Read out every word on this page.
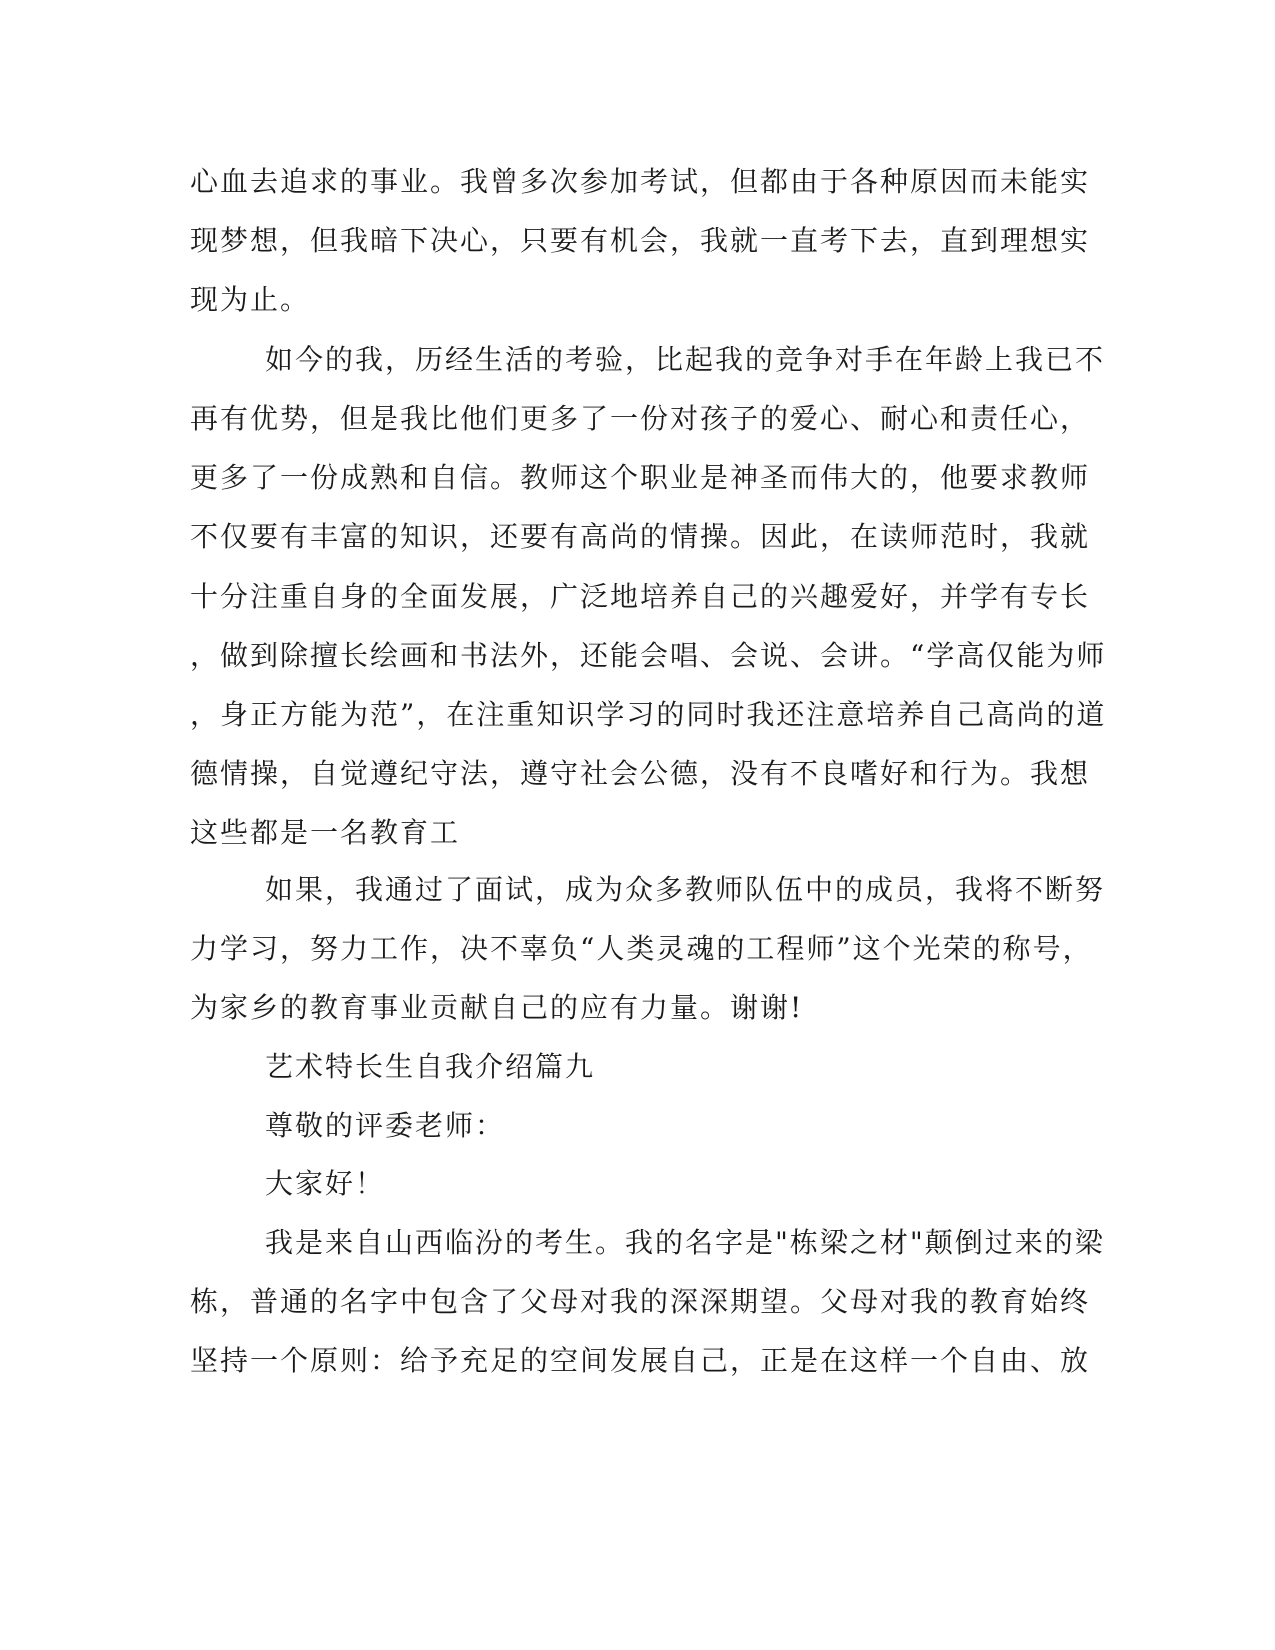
心血去追求的事业。我曾多次参加考试，但都由于各种原因而未能实
现梦想，但我暗下决心，只要有机会，我就一直考下去，直到理想实
现为止。
如今的我，历经生活的考验，比起我的竞争对手在年龄上我已不
再有优势，但是我比他们更多了一份对孩子的爱心、耐心和责任心，
更多了一份成熟和自信。教师这个职业是神圣而伟大的，他要求教师
不仅要有丰富的知识，还要有高尚的情操。因此，在读师范时，我就
十分注重自身的全面发展，广泛地培养自己的兴趣爱好，并学有专长
，做到除擅长绘画和书法外，还能会唱、会说、会讲。“学高仅能为师
，身正方能为范”，在注重知识学习的同时我还注意培养自己高尚的道
德情操，自觉遵纪守法，遵守社会公德，没有不良嗜好和行为。我想
这些都是一名教育工
如果，我通过了面试，成为众多教师队伍中的成员，我将不断努
力学习，努力工作，决不辜负“人类灵魂的工程师”这个光荣的称号，
为家乡的教育事业贡献自己的应有力量。谢谢!
艺术特长生自我介绍篇九
尊敬的评委老师：
大家好！
我是来自山西临汾的考生。我的名字是"栋梁之材"颠倒过来的梁
栋，普通的名字中包含了父母对我的深深期望。父母对我的教育始终
坚持一个原则：给予充足的空间发展自己，正是在这样一个自由、放
